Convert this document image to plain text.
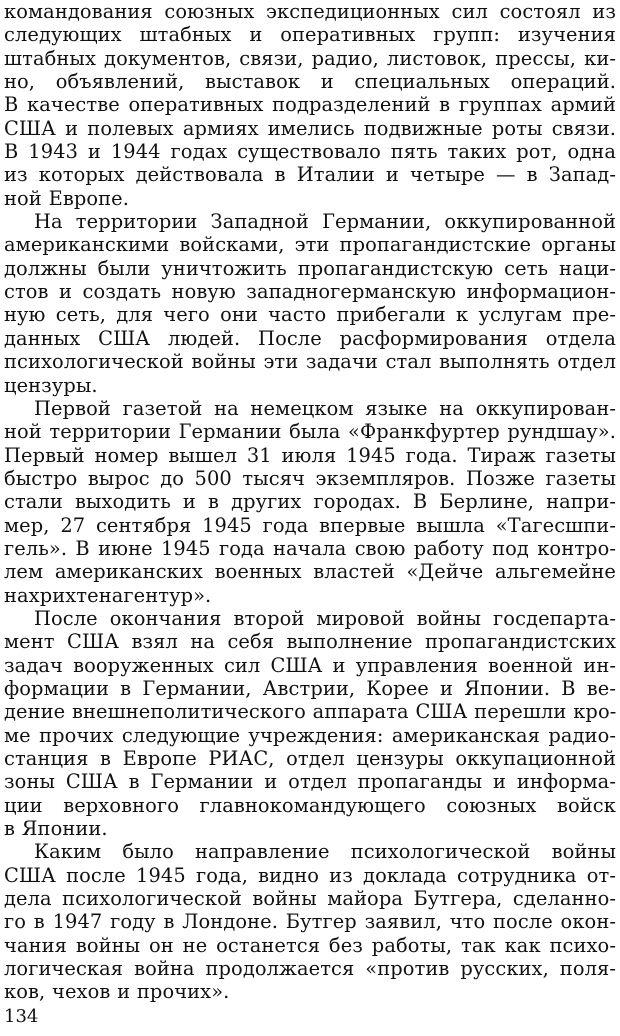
командования союзных экспедиционных сил состоял из
следующих штабных и оперативных групп: изучения
штабных документов, связи, радио, листовок, прессы, ки-
но, объявлений, выставок и специальных операций.
В качестве оперативных подразделений в группах армий
США и полевых армиях имелись подвижные роты связи.
В 1943 и 1944 годах существовало пять таких рот, одна
из которых действовала в Италии и четыре — в Запад-
ной Европе.
На территории Западной Германии, оккупированной
американскими войсками, эти пропагандистские органы
должны были уничтожить пропагандистскую сеть нaци-
стов и создать новую западногерманскую информацион-
ную сеть, для чего они часто прибегали к услугам пре-
данных США людей. После расформирования отдела
психологической войны эти задачи стал выполнять отдел
цензуры.
Первой газетой на немецком языке на оккупирован-
ной территории Германии была «Франкфуртер рундшау».
Первый номер вышел 31 июля 1945 года. Тираж газеты
быстро вырос до 500 тысяч экземпляров. Позже газеты
стали выходить и в других городах. В Берлине, напри-
мер, 27 сентября 1945 года впервые вышла «Тагесшпи-
гель». В июне 1945 года начала свою работу под контро-
лем американских военных властей «Дейче альгемейне
нахрихтенагентур».
После окончания второй мировой войны госдепарта-
мент США взял на себя выполнение пропагандистских
задач вооруженных сил США и управления военной ин-
формации в Германии, Австрии, Корее и Японии. В ве-
дение внешнеполитического аппарата США перешли кро-
ме прочих следующие учреждения: американская радио-
станция в Европе РИАС, отдел цензуры оккупационной
зоны США в Германии и отдел пропаганды и информа-
ции верховного главнокомандующего союзных войск
в Японии.
Каким было направление психологической войны
США после 1945 года, видно из доклада сотрудника от-
дела психологической войны майора Бутгера, сделанно-
го в 1947 году в Лондоне. Бутгер заявил, что после окон-
чания войны он не останется без работы, так как психо-
логическая война продолжается «против русских, поля-
ков, чехов и прочих».
134
